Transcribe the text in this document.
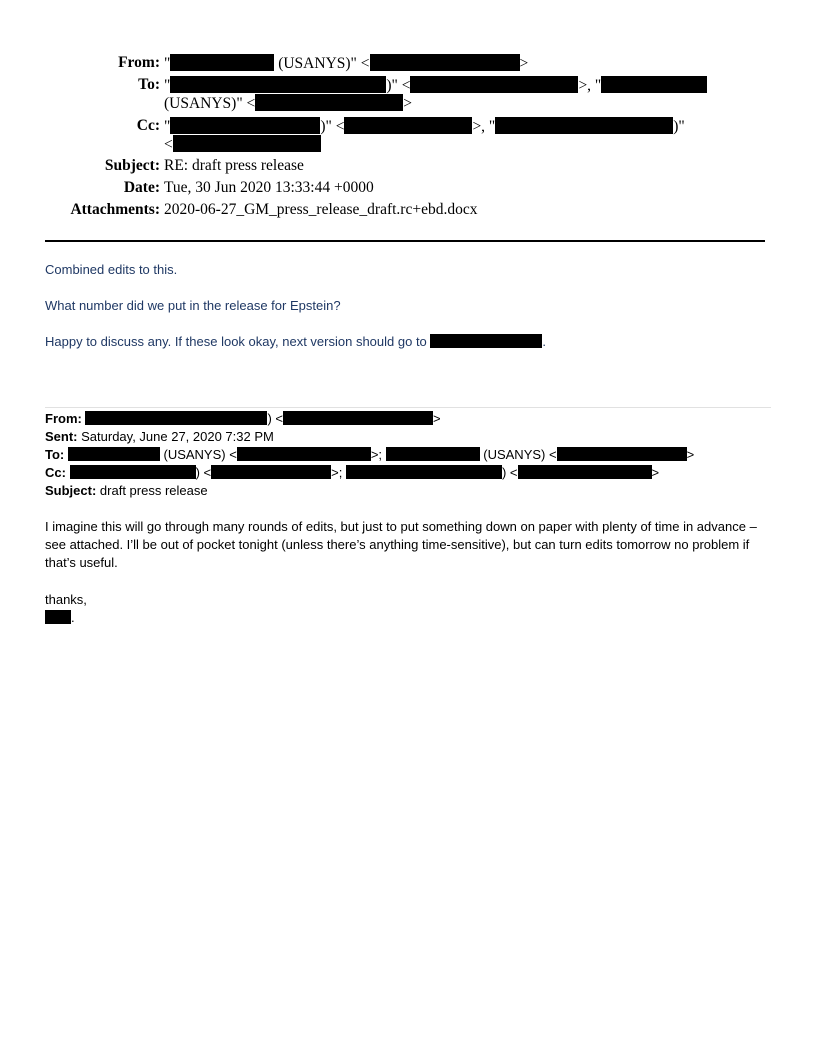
From: "	(USANYS)" <	>
To: "	)" <	>, "
(USANYS)" <	>
Cc: "	)" <	>, "	)"
<
Subject: RE: draft press release
Date: Tue, 30 Jun 2020 13:33:44 +0000
Attachments: 2020-06-27_GM_press_release_draft.rc+ebd.docx
Combined edits to this.
What number did we put in the release for Epstein?
Happy to discuss any. If these look okay, next version should go to	.
From:	) <	>
Sent: Saturday, June 27, 2020 7:32 PM
To:	(USANYS) <	>;	(USANYS) <	>
Cc:	) <	>;	) <	>
Subject: draft press release
I imagine this will go through many rounds of edits, but just to put something down on paper with plenty of time in advance – see attached. I’ll be out of pocket tonight (unless there’s anything time-sensitive), but can turn edits tomorrow no problem if that’s useful.
thanks,
.
